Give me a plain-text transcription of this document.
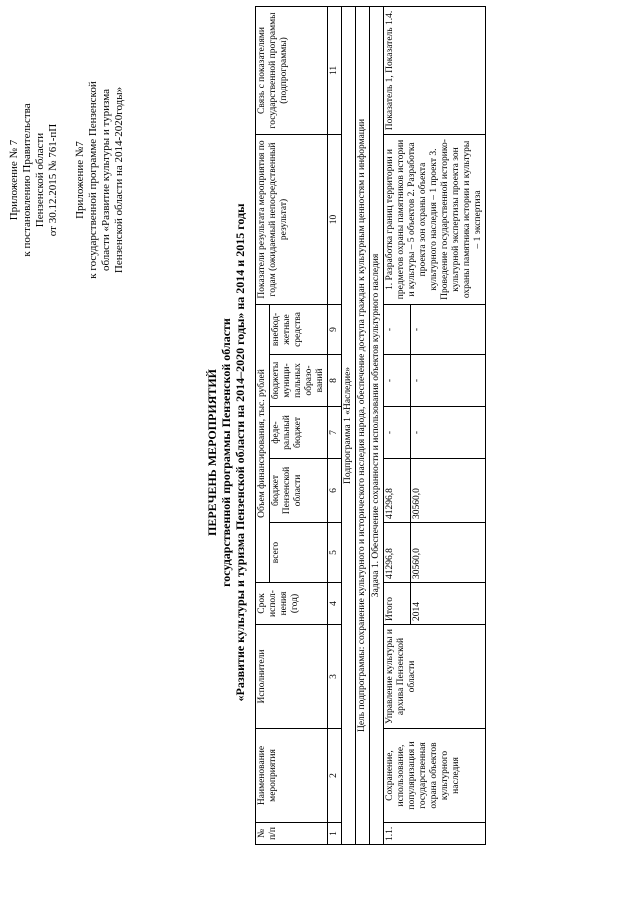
Приложение № 7 к постановлению Правительства Пензенской области от 30.12.2015 № 761-пП Приложение №7 к государственной программе Пензенской области «Развитие культуры и туризма Пензенской области на 2014-2020годы»
ПЕРЕЧЕНЬ МЕРОПРИЯТИЙ государственной программы Пензенской области «Развитие культуры и туризма Пензенской области на 2014–2020 годы» на 2014 и 2015 годы
№ п/п	Наименование мероприятия	Исполнители	Срок испол-нения (год)	Объем финансирования, тыс. рублей					Показатели результата мероприятия по годам (ожидаемый непосредственный результат)	Связь с показателями государственной программы (подпрограммы)
				всего	бюджет Пензенской области	феде-ральный бюджет	бюджеты муници-пальных образо-ваний	внебюд-жетные средства		
1	2	3	4	5	6	7	8	9	10	11
Подпрограмма 1 «Наследие»										
Цель подпрограммы: сохранение культурного и исторического наследия народа, обеспечение доступа граждан к культурным ценностям и информации										
Задача 1. Обеспечение сохранности и использования объектов культурного наследия										
1.1.	Сохранение, использование, популяризация и государственная охрана объектов культурного наследия	Управление культуры и архива Пензенской области	Итого	41296,8	41296,8	-	-	-	1. Разработка границ территории и предметов охраны памятников истории и культуры – 5 объектов 2. Разработка проекта зон охраны объекта культурного наследия – 1 проект 3. Проведение государственной историко-культурной экспертизы проекта зон охраны памятника истории и культуры – 1 экспертиза	Показатель 1, Показатель 1.4.
			2014	30560,0	30560,0	-	-	-		
